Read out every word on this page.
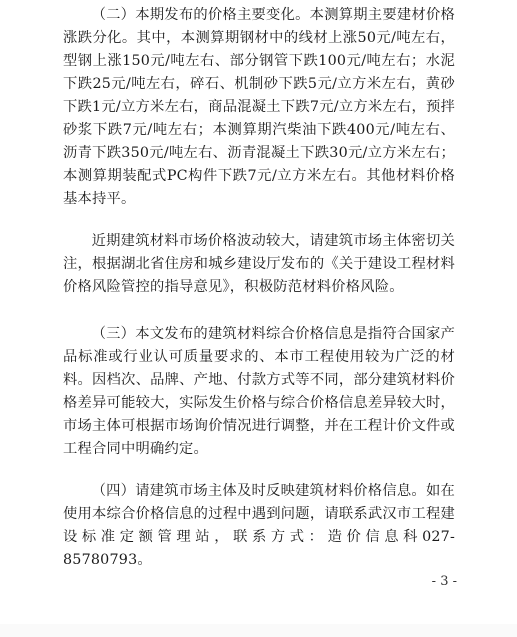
（二）本期发布的价格主要变化。本测算期主要建材价格涨跌分化。其中，本测算期钢材中的线材上涨50元/吨左右，型钢上涨150元/吨左右、部分钢管下跌100元/吨左右；水泥下跌25元/吨左右，碎石、机制砂下跌5元/立方米左右，黄砂下跌1元/立方米左右，商品混凝土下跌7元/立方米左右，预拌砂浆下跌7元/吨左右；本测算期汽柴油下跌400元/吨左右、沥青下跌350元/吨左右、沥青混凝土下跌30元/立方米左右；本测算期装配式PC构件下跌7元/立方米左右。其他材料价格基本持平。

近期建筑材料市场价格波动较大，请建筑市场主体密切关注，根据湖北省住房和城乡建设厅发布的《关于建设工程材料价格风险管控的指导意见》，积极防范材料价格风险。

（三）本文发布的建筑材料综合价格信息是指符合国家产品标准或行业认可质量要求的、本市工程使用较为广泛的材料。因档次、品牌、产地、付款方式等不同，部分建筑材料价格差异可能较大，实际发生价格与综合价格信息差异较大时，市场主体可根据市场询价情况进行调整，并在工程计价文件或工程合同中明确约定。

（四）请建筑市场主体及时反映建筑材料价格信息。如在使用本综合价格信息的过程中遇到问题，请联系武汉市工程建设标准定额管理站，联系方式：造价信息科027-85780793。

- 3 -
